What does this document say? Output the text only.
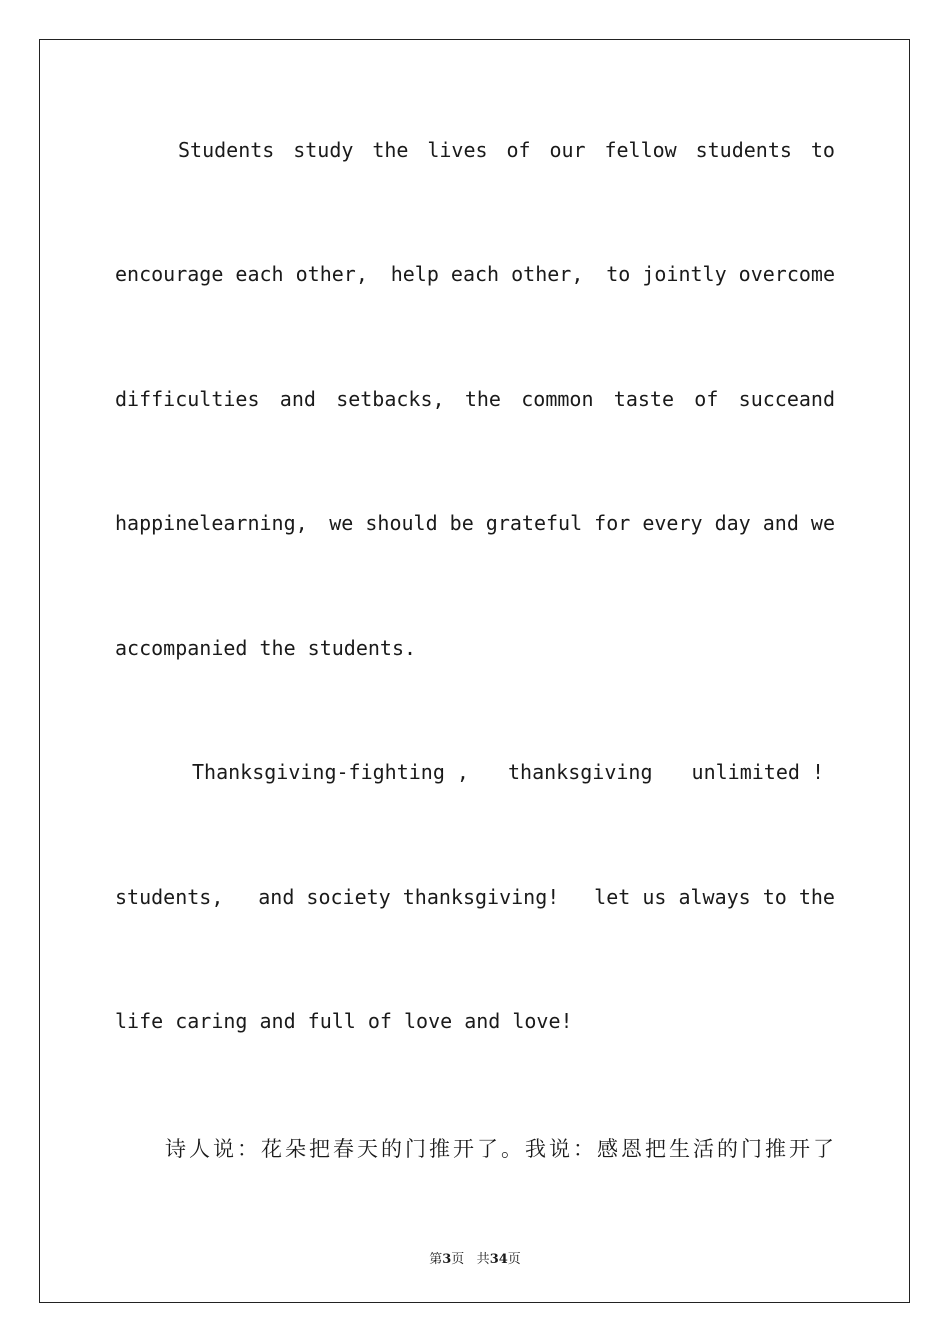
Students study the lives of our fellow students to
encourage each other, help each other, to jointly overcome
difficulties and setbacks, the common taste of succeand
happinelearning, we should be grateful for every day and we
accompanied the students.
Thanksgiving-fighting , thanksgiving unlimited !
students, and society thanksgiving! let us always to the
life caring and full of love and love!
诗人说：花朵把春天的门推开了。我说：感恩把生活的门推开了
第3页 共34页
